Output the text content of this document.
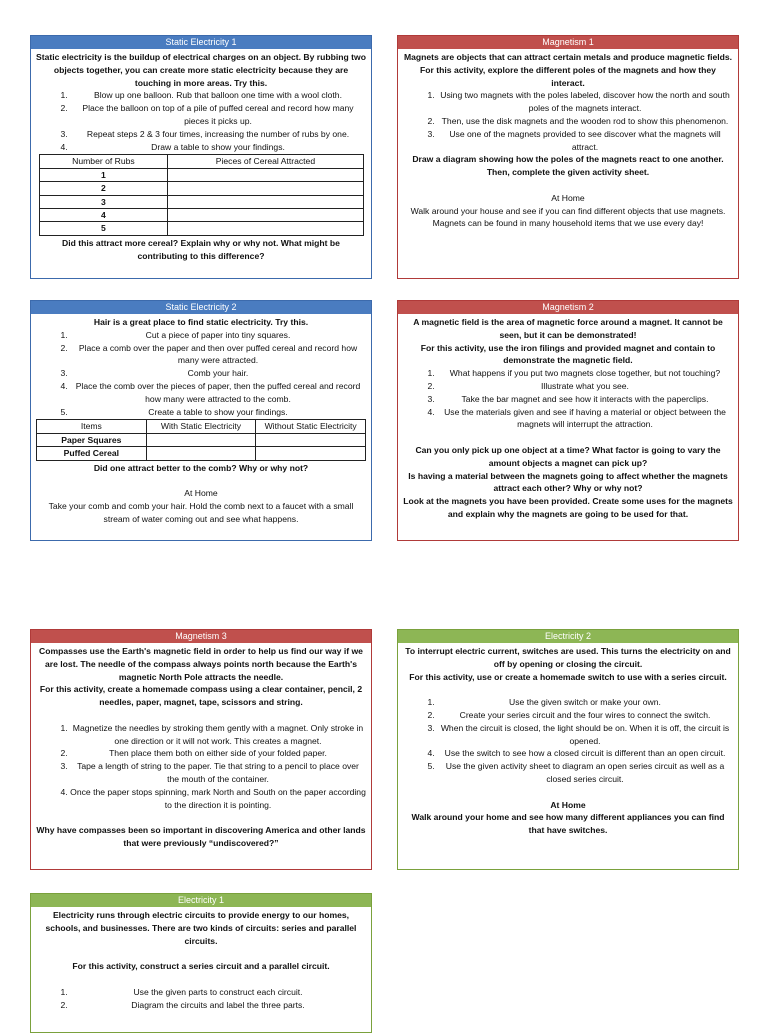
Static Electricity 1
Static electricity is the buildup of electrical charges on an object. By rubbing two objects together, you can create more static electricity because they are touching in more areas. Try this.
1. Blow up one balloon. Rub that balloon one time with a wool cloth.
2. Place the balloon on top of a pile of puffed cereal and record how many pieces it picks up.
3. Repeat steps 2 & 3 four times, increasing the number of rubs by one.
4. Draw a table to show your findings.
Number of Rubs	Pieces of Cereal Attracted
1	
2	
3	
4	
5	
Did this attract more cereal? Explain why or why not. What might be contributing to this difference?
Magnetism 1
Magnets are objects that can attract certain metals and produce magnetic fields.
For this activity, explore the different poles of the magnets and how they interact.
1. Using two magnets with the poles labeled, discover how the north and south poles of the magnets interact.
2. Then, use the disk magnets and the wooden rod to show this phenomenon.
3. Use one of the magnets provided to see discover what the magnets will attract.
Draw a diagram showing how the poles of the magnets react to one another. Then, complete the given activity sheet.
At Home
Walk around your house and see if you can find different objects that use magnets. Magnets can be found in many household items that we use every day!
Static Electricity 2
Hair is a great place to find static electricity. Try this.
1. Cut a piece of paper into tiny squares.
2. Place a comb over the paper and then over puffed cereal and record how many were attracted.
3. Comb your hair.
4. Place the comb over the pieces of paper, then the puffed cereal and record how many were attracted to the comb.
5. Create a table to show your findings.
Items	With Static Electricity	Without Static Electricity
Paper Squares		
Puffed Cereal		
Did one attract better to the comb? Why or why not?
At Home
Take your comb and comb your hair. Hold the comb next to a faucet with a small stream of water coming out and see what happens.
Magnetism 2
A magnetic field is the area of magnetic force around a magnet. It cannot be seen, but it can be demonstrated!
For this activity, use the iron filings and provided magnet and contain to demonstrate the magnetic field.
1. What happens if you put two magnets close together, but not touching?
2. Illustrate what you see.
3. Take the bar magnet and see how it interacts with the paperclips.
4. Use the materials given and see if having a material or object between the magnets will interrupt the attraction.
Can you only pick up one object at a time? What factor is going to vary the amount objects a magnet can pick up?
Is having a material between the magnets going to affect whether the magnets attract each other? Why or why not?
Look at the magnets you have been provided. Create some uses for the magnets and explain why the magnets are going to be used for that.
Magnetism 3
Compasses use the Earth's magnetic field in order to help us find our way if we are lost. The needle of the compass always points north because the Earth's magnetic North Pole attracts the needle.
For this activity, create a homemade compass using a clear container, pencil, 2 needles, paper, magnet, tape, scissors and string.
1. Magnetize the needles by stroking them gently with a magnet. Only stroke in one direction or it will not work. This creates a magnet.
2. Then place them both on either side of your folded paper.
3. Tape a length of string to the paper. Tie that string to a pencil to place over the mouth of the container.
4. Once the paper stops spinning, mark North and South on the paper according to the direction it is pointing.
Why have compasses been so important in discovering America and other lands that were previously “undiscovered?”
Electricity 2
To interrupt electric current, switches are used. This turns the electricity on and off by opening or closing the circuit.
For this activity, use or create a homemade switch to use with a series circuit.
1. Use the given switch or make your own.
2. Create your series circuit and the four wires to connect the switch.
3. When the circuit is closed, the light should be on. When it is off, the circuit is opened.
4. Use the switch to see how a closed circuit is different than an open circuit.
5. Use the given activity sheet to diagram an open series circuit as well as a closed series circuit.
At Home
Walk around your home and see how many different appliances you can find that have switches.
Electricity 1
Electricity runs through electric circuits to provide energy to our homes, schools, and businesses. There are two kinds of circuits: series and parallel circuits.
For this activity, construct a series circuit and a parallel circuit.
1. Use the given parts to construct each circuit.
2. Diagram the circuits and label the three parts.
